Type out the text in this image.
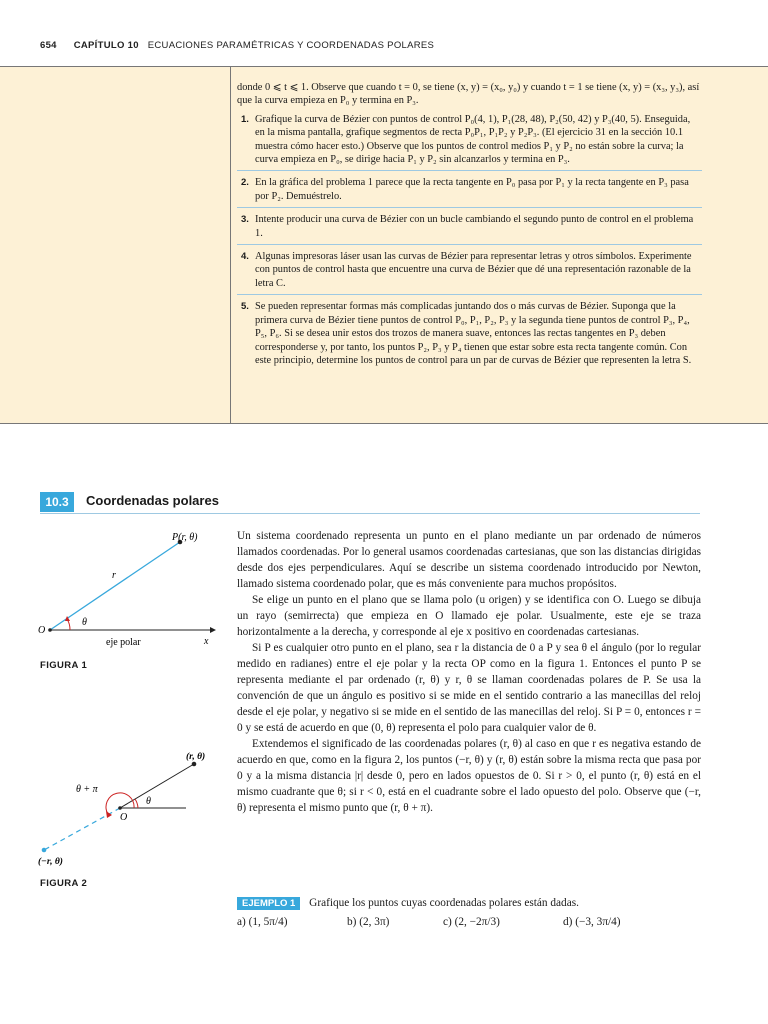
654 CAPÍTULO 10 ECUACIONES PARAMÉTRICAS Y COORDENADAS POLARES

donde 0 ⩽ t ⩽ 1. Observe que cuando t = 0, se tiene (x, y) = (x₀, y₀) y cuando t = 1 se tiene (x, y) = (x₃, y₃), así que la curva empieza en P₀ y termina en P₃.

1. Grafique la curva de Bézier con puntos de control P₀(4, 1), P₁(28, 48), P₂(50, 42) y P₃(40, 5). Enseguida, en la misma pantalla, grafique segmentos de recta P₀P₁, P₁P₂ y P₂P₃. (El ejercicio 31 en la sección 10.1 muestra cómo hacer esto.) Observe que los puntos de control medios P₁ y P₂ no están sobre la curva; la curva empieza en P₀, se dirige hacia P₁ y P₂ sin alcanzarlos y termina en P₃.
2. En la gráfica del problema 1 parece que la recta tangente en P₀ pasa por P₁ y la recta tangente en P₃ pasa por P₂. Demuéstrelo.
3. Intente producir una curva de Bézier con un bucle cambiando el segundo punto de control en el problema 1.
4. Algunas impresoras láser usan las curvas de Bézier para representar letras y otros símbolos. Experimente con puntos de control hasta que encuentre una curva de Bézier que dé una representación razonable de la letra C.
5. Se pueden representar formas más complicadas juntando dos o más curvas de Bézier. Suponga que la primera curva de Bézier tiene puntos de control P₀, P₁, P₂, P₃ y la segunda tiene puntos de control P₃, P₄, P₅, P₆. Si se desea unir estos dos trozos de manera suave, entonces las rectas tangentes en P₃ deben corresponderse y, por tanto, los puntos P₂, P₃ y P₄ tienen que estar sobre esta recta tangente común. Con este principio, determine los puntos de control para un par de curvas de Bézier que representen la letra S.
10.3	Coordenadas polares
P(r, θ)
r
θ
O
eje polar	x
FIGURA 1
(r, θ)
(−r, θ)
θ + π
θ
O
FIGURA 2

Un sistema coordenado representa un punto en el plano mediante un par ordenado de números llamados coordenadas. Por lo general usamos coordenadas cartesianas, que son las distancias dirigidas desde dos ejes perpendiculares. Aquí se describe un sistema coordenado introducido por Newton, llamado sistema coordenado polar, que es más conveniente para muchos propósitos.

Se elige un punto en el plano que se llama polo (u origen) y se identifica con O. Luego se dibuja un rayo (semirrecta) que empieza en O llamado eje polar. Usualmente, este eje se traza horizontalmente a la derecha, y corresponde al eje x positivo en coordenadas cartesianas.

Si P es cualquier otro punto en el plano, sea r la distancia de 0 a P y sea θ el ángulo (por lo regular medido en radianes) entre el eje polar y la recta OP como en la figura 1. Entonces el punto P se representa mediante el par ordenado (r, θ) y r, θ se llaman coordenadas polares de P. Se usa la convención de que un ángulo es positivo si se mide en el sentido contrario a las manecillas del reloj desde el eje polar, y negativo si se mide en el sentido de las manecillas del reloj. Si P = 0, entonces r = 0 y se está de acuerdo en que (0, θ) representa el polo para cualquier valor de θ.

Extendemos el significado de las coordenadas polares (r, θ) al caso en que r es negativa estando de acuerdo en que, como en la figura 2, los puntos (−r, θ) y (r, θ) están sobre la misma recta que pasa por 0 y a la misma distancia |r| desde 0, pero en lados opuestos de 0. Si r > 0, el punto (r, θ) está en el mismo cuadrante que θ; si r < 0, está en el cuadrante sobre el lado opuesto del polo. Observe que (−r, θ) representa el mismo punto que (r, θ + π).

EJEMPLO 1 Grafique los puntos cuyas coordenadas polares están dadas.
a) (1, 5π/4)	b) (2, 3π)	c) (2, −2π/3)	d) (−3, 3π/4)
